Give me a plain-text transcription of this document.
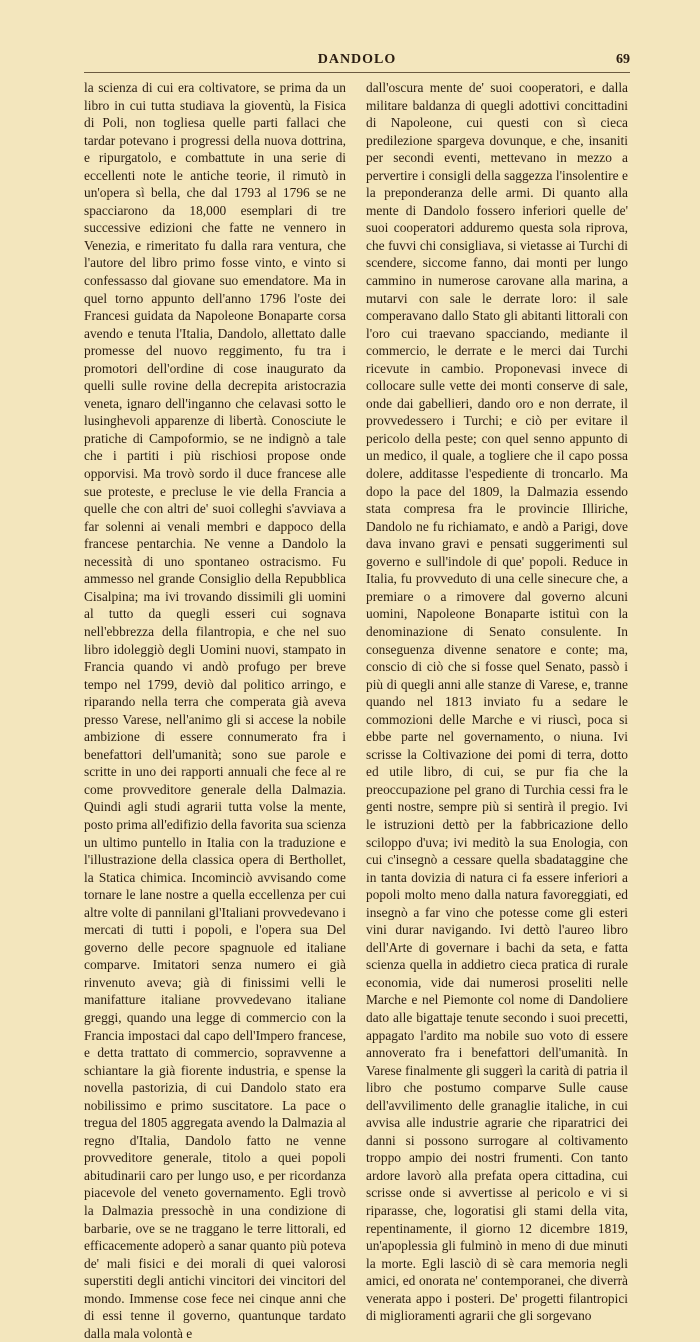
DANDOLO	69

la scienza di cui era coltivatore, se prima da un libro in cui tutta studiava la gioventù, la Fisica di Poli, non togliesa quelle parti fallaci che tardar potevano i progressi della nuova dottrina, e ripurgatolo, e combattute in una serie di eccellenti note le antiche teorie, il rimutò in un'opera sì bella, che dal 1793 al 1796 se ne spacciarono da 18,000 esemplari di tre successive edizioni che fatte ne vennero in Venezia, e rimeritato fu dalla rara ventura, che l'autore del libro primo fosse vinto, e vinto si confessasso dal giovane suo emendatore. Ma in quel torno appunto dell'anno 1796 l'oste dei Francesi guidata da Napoleone Bonaparte corsa avendo e tenuta l'Italia, Dandolo, allettato dalle promesse del nuovo reggimento, fu tra i promotori dell'ordine di cose inaugurato da quelli sulle rovine della decrepita aristocrazia veneta, ignaro dell'inganno che celavasi sotto le lusinghevoli apparenze di libertà. Conosciute le pratiche di Campoformio, se ne indignò a tale che i partiti i più rischiosi propose onde opporvisi. Ma trovò sordo il duce francese alle sue proteste, e precluse le vie della Francia a quelle che con altri de' suoi colleghi s'avviava a far solenni ai venali membri e dappoco della francese pentarchia. Ne venne a Dandolo la necessità di uno spontaneo ostracismo. Fu ammesso nel grande Consiglio della Repubblica Cisalpina; ma ivi trovando dissimili gli uomini al tutto da quegli esseri cui sognava nell'ebbrezza della filantropia, e che nel suo libro idoleggiò degli Uomini nuovi, stampato in Francia quando vi andò profugo per breve tempo nel 1799, deviò dal politico arringo, e riparando nella terra che comperata già aveva presso Varese, nell'animo gli si accese la nobile ambizione di essere connumerato fra i benefattori dell'umanità; sono sue parole e scritte in uno dei rapporti annuali che fece al re come provveditore generale della Dalmazia. Quindi agli studi agrarii tutta volse la mente, posto prima all'edifizio della favorita sua scienza un ultimo puntello in Italia con la traduzione e l'illustrazione della classica opera di Berthollet, la Statica chimica. Incominciò avvisando come tornare le lane nostre a quella eccellenza per cui altre volte di pannilani gl'Italiani provvedevano i mercati di tutti i popoli, e l'opera sua Del governo delle pecore spagnuole ed italiane comparve. Imitatori senza numero ei già rinvenuto aveva; già di finissimi velli le manifatture italiane provvedevano italiane greggi, quando una legge di commercio con la Francia impostaci dal capo dell'Impero francese, e detta trattato di commercio, sopravvenne a schiantare la già fiorente industria, e spense la novella pastorizia, di cui Dandolo stato era nobilissimo e primo suscitatore. La pace o tregua del 1805 aggregata avendo la Dalmazia al regno d'Italia, Dandolo fatto ne venne provveditore generale, titolo a quei popoli abitudinarii caro per lungo uso, e per ricordanza piacevole del veneto governamento. Egli trovò la Dalmazia pressochè in una condizione di barbarie, ove se ne traggano le terre littorali, ed efficacemente adoperò a sanar quanto più poteva de' mali fisici e dei morali di quei valorosi superstiti degli antichi vincitori dei vincitori del mondo. Immense cose fece nei cinque anni che di essi tenne il governo, quantunque tardato dalla mala volontà e

dall'oscura mente de' suoi cooperatori, e dalla militare baldanza di quegli adottivi concittadini di Napoleone, cui questi con sì cieca predilezione spargeva dovunque, e che, insaniti per secondi eventi, mettevano in mezzo a pervertire i consigli della saggezza l'insolentire e la preponderanza delle armi. Di quanto alla mente di Dandolo fossero inferiori quelle de' suoi cooperatori adduremo questa sola riprova, che fuvvi chi consigliava, si vietasse ai Turchi di scendere, siccome fanno, dai monti per lungo cammino in numerose carovane alla marina, a mutarvi con sale le derrate loro: il sale comperavano dallo Stato gli abitanti littorali con l'oro cui traevano spacciando, mediante il commercio, le derrate e le merci dai Turchi ricevute in cambio. Proponevasi invece di collocare sulle vette dei monti conserve di sale, onde dai gabellieri, dando oro e non derrate, il provvedessero i Turchi; e ciò per evitare il pericolo della peste; con quel senno appunto di un medico, il quale, a togliere che il capo possa dolere, additasse l'espediente di troncarlo. Ma dopo la pace del 1809, la Dalmazia essendo stata compresa fra le provincie Illiriche, Dandolo ne fu richiamato, e andò a Parigi, dove dava invano gravi e pensati suggerimenti sul governo e sull'indole di que' popoli. Reduce in Italia, fu provveduto di una celle sinecure che, a premiare o a rimovere dal governo alcuni uomini, Napoleone Bonaparte istituì con la denominazione di Senato consulente. In conseguenza divenne senatore e conte; ma, conscio di ciò che si fosse quel Senato, passò i più di quegli anni alle stanze di Varese, e, tranne quando nel 1813 inviato fu a sedare le commozioni delle Marche e vi riuscì, poca si ebbe parte nel governamento, o niuna. Ivi scrisse la Coltivazione dei pomi di terra, dotto ed utile libro, di cui, se pur fia che la preoccupazione pel grano di Turchia cessi fra le genti nostre, sempre più si sentirà il pregio. Ivi le istruzioni dettò per la fabbricazione dello sciloppo d'uva; ivi meditò la sua Enologia, con cui c'insegnò a cessare quella sbadataggine che in tanta dovizia di natura ci fa essere inferiori a popoli molto meno dalla natura favoreggiati, ed insegnò a far vino che potesse come gli esteri vini durar navigando. Ivi dettò l'aureo libro dell'Arte di governare i bachi da seta, e fatta scienza quella in addietro cieca pratica di rurale economia, vide dai numerosi proseliti nelle Marche e nel Piemonte col nome di Dandoliere dato alle bigattaje tenute secondo i suoi precetti, appagato l'ardito ma nobile suo voto di essere annoverato fra i benefattori dell'umanità. In Varese finalmente gli suggerì la carità di patria il libro che postumo comparve Sulle cause dell'avvilimento delle granaglie italiche, in cui avvisa alle industrie agrarie che riparatrici dei danni si possono surrogare al coltivamento troppo ampio dei nostri frumenti. Con tanto ardore lavorò alla prefata opera cittadina, cui scrisse onde si avvertisse al pericolo e vi si riparasse, che, logoratisi gli stami della vita, repentinamente, il giorno 12 dicembre 1819, un'apoplessia gli fulminò in meno di due minuti la morte. Egli lasciò di sè cara memoria negli amici, ed onorata ne' contemporanei, che diverrà venerata appo i posteri. De' progetti filantropici di miglioramenti agrarii che gli sorgevano
